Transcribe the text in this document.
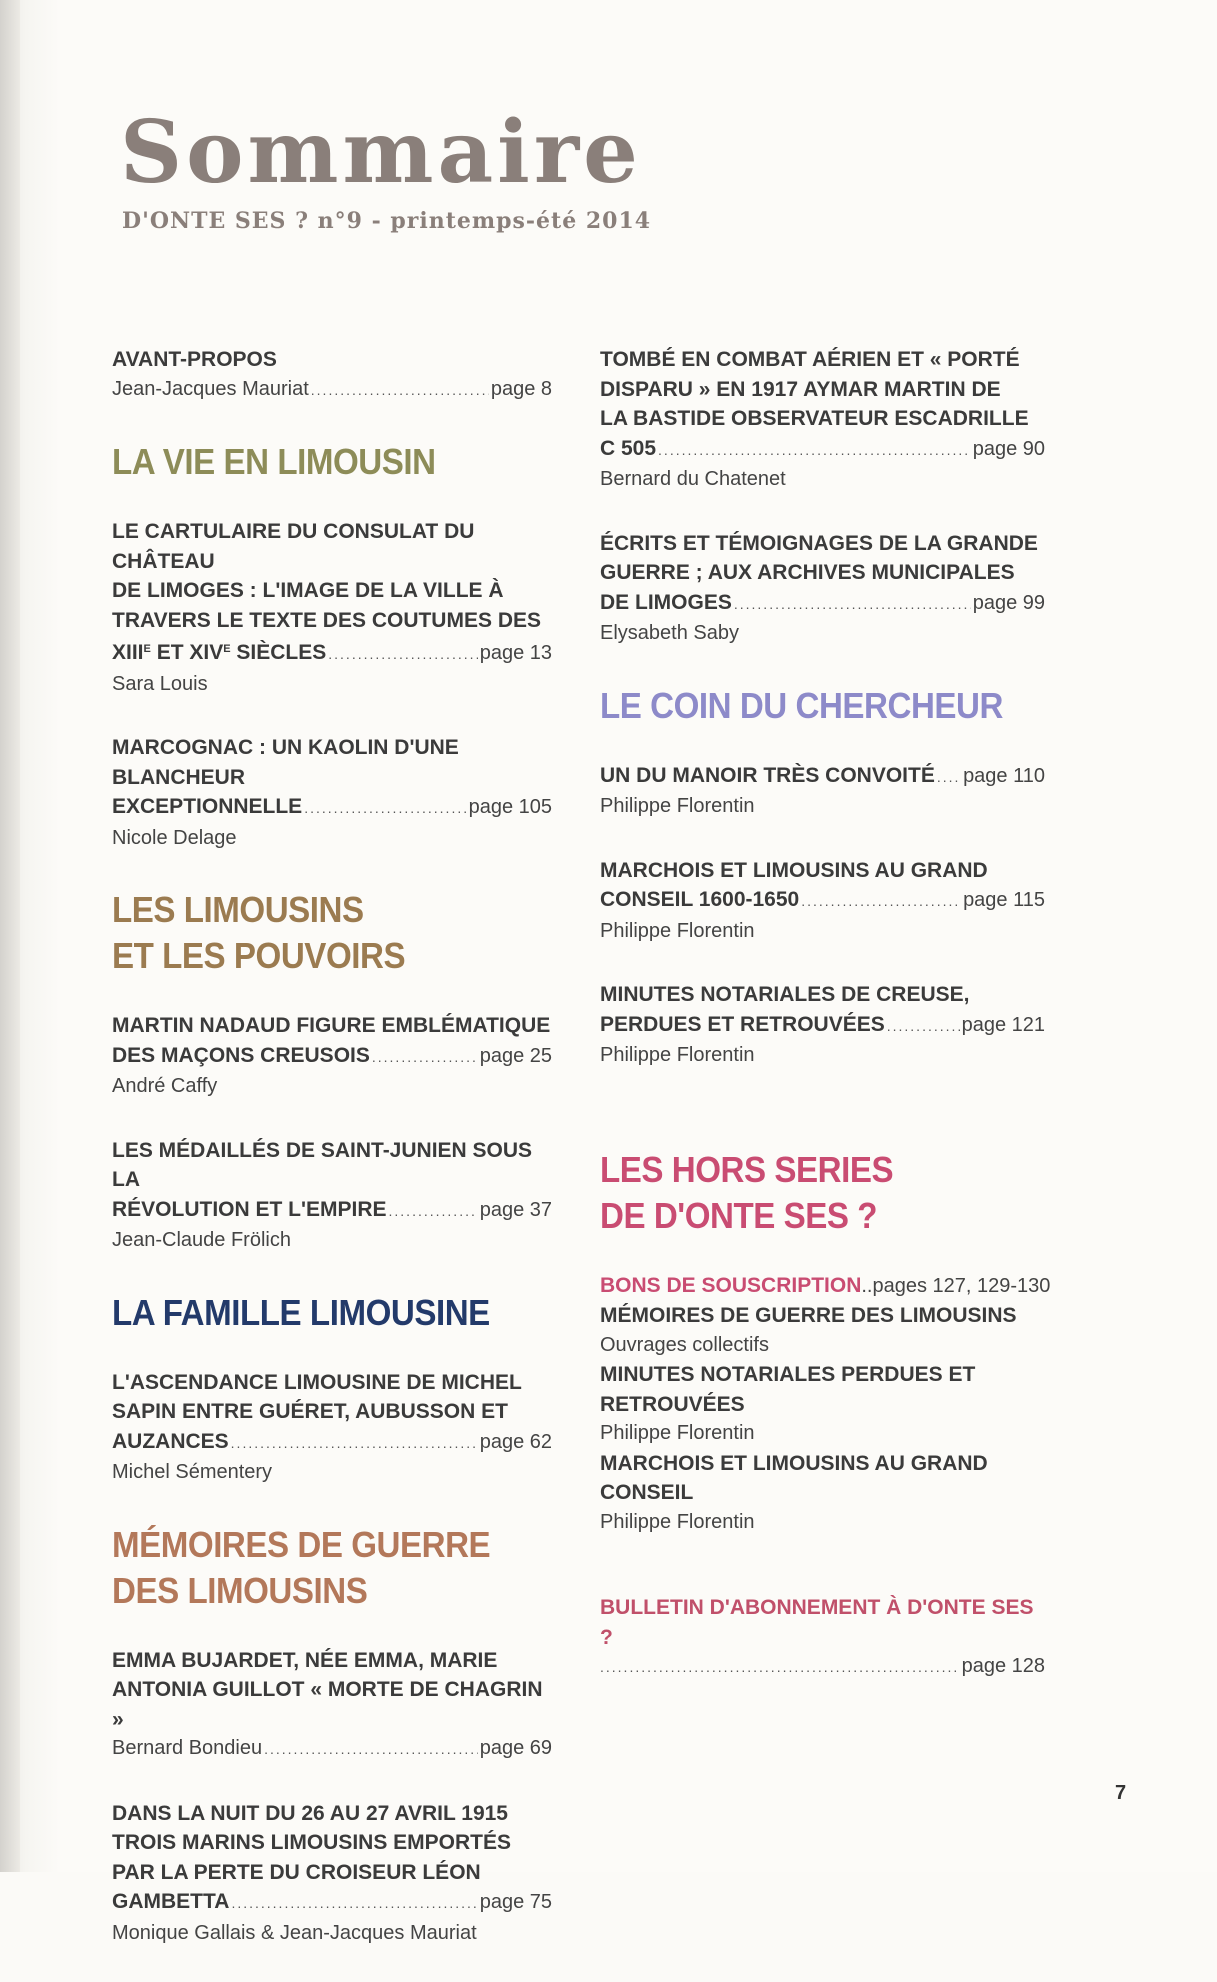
Sommaire
D'ONTE SES ? n°9 - printemps-été 2014
AVANT-PROPOS
Jean-Jacques Mauriat .....	page 8
LA VIE EN LIMOUSIN
LE CARTULAIRE DU CONSULAT DU CHÂTEAU
DE LIMOGES : L'IMAGE DE LA VILLE À
TRAVERS LE TEXTE DES COUTUMES DES
$XIII^E$ ET $XIV^E$ SIÈCLES .....	page 13
Sara Louis
MARCOGNAC : UN KAOLIN D'UNE BLANCHEUR
EXCEPTIONNELLE .....	page 105
Nicole Delage
LES LIMOUSINS
ET LES POUVOIRS
MARTIN NADAUD FIGURE EMBLÉMATIQUE
DES MAÇONS CREUSOIS .....	page 25
André Caffy
LES MÉDAILLÉS DE SAINT-JUNIEN SOUS LA
RÉVOLUTION ET L'EMPIRE .....	page 37
Jean-Claude Frölich
LA FAMILLE LIMOUSINE
L'ASCENDANCE LIMOUSINE DE MICHEL
SAPIN ENTRE GUÉRET, AUBUSSON ET
AUZANCES .....	page 62
Michel Sémentery
MÉMOIRES DE GUERRE
DES LIMOUSINS
EMMA BUJARDET, NÉE EMMA, MARIE
ANTONIA GUILLOT « MORTE DE CHAGRIN »
Bernard Bondieu .....	page 69
DANS LA NUIT DU 26 AU 27 AVRIL 1915
TROIS MARINS LIMOUSINS EMPORTÉS
PAR LA PERTE DU CROISEUR LÉON
GAMBETTA .....	page 75
Monique Gallais & Jean-Jacques Mauriat
TOMBÉ EN COMBAT AÉRIEN ET « PORTÉ
DISPARU » EN 1917 AYMAR MARTIN DE
LA BASTIDE OBSERVATEUR ESCADRILLE
C 505 .....	page 90
Bernard du Chatenet
ÉCRITS ET TÉMOIGNAGES DE LA GRANDE
GUERRE ; AUX ARCHIVES MUNICIPALES
DE LIMOGES .....	page 99
Elysabeth Saby
LE COIN DU CHERCHEUR
UN DU MANOIR TRÈS CONVOITÉ ..... page 110
Philippe Florentin
MARCHOIS ET LIMOUSINS AU GRAND
CONSEIL 1600-1650 .....	page 115
Philippe Florentin
MINUTES NOTARIALES DE CREUSE,
PERDUES ET RETROUVÉES .....	page 121
Philippe Florentin
LES HORS SERIES
DE D'ONTE SES ?
BONS DE SOUSCRIPTION ..pages 127, 129-130
MÉMOIRES DE GUERRE DES LIMOUSINS
Ouvrages collectifs
MINUTES NOTARIALES PERDUES ET
RETROUVÉES
Philippe Florentin
MARCHOIS ET LIMOUSINS AU GRAND
CONSEIL
Philippe Florentin
BULLETIN D'ABONNEMENT À D'ONTE SES ?
.....
page 128
7
